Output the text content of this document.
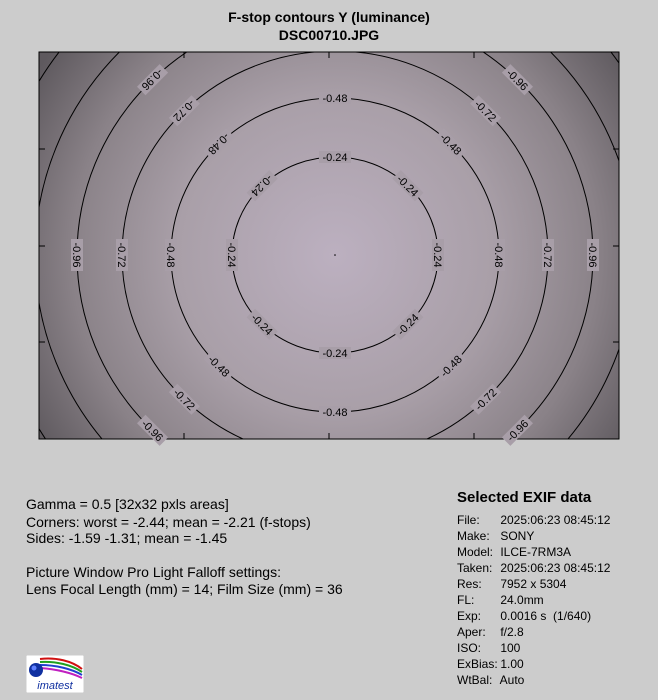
F-stop contours Y (luminance)
DSC00710.JPG
-0.24
-0.24
-0.24
-0.24
-0.24
-0.24
-0.24
-0.24
-0.48
-0.48
-0.48
-0.48
-0.48
-0.48
-0.48
-0.48
-0.72
-0.72
-0.72
-0.72
-0.72
-0.72
-0.96
-0.96
-0.96
-0.96
-0.96
-0.96
Gamma = 0.5 [32x32 pxls areas]
Corners: worst = -2.44; mean = -2.21 (f-stops)
Sides: -1.59 -1.31; mean = -1.45
Picture Window Pro Light Falloff settings:
Lens Focal Length (mm) = 14; Film Size (mm) = 36
Selected EXIF data
File: 2025:06:23 08:45:12
Make: SONY
Model: ILCE-7RM3A
Taken: 2025:06:23 08:45:12
Res: 7952 x 5304
FL: 24.0mm
Exp: 0.0016 s  (1/640)
Aper: f/2.8
ISO: 100
ExBias: 1.00
WtBal: Auto
imatest
